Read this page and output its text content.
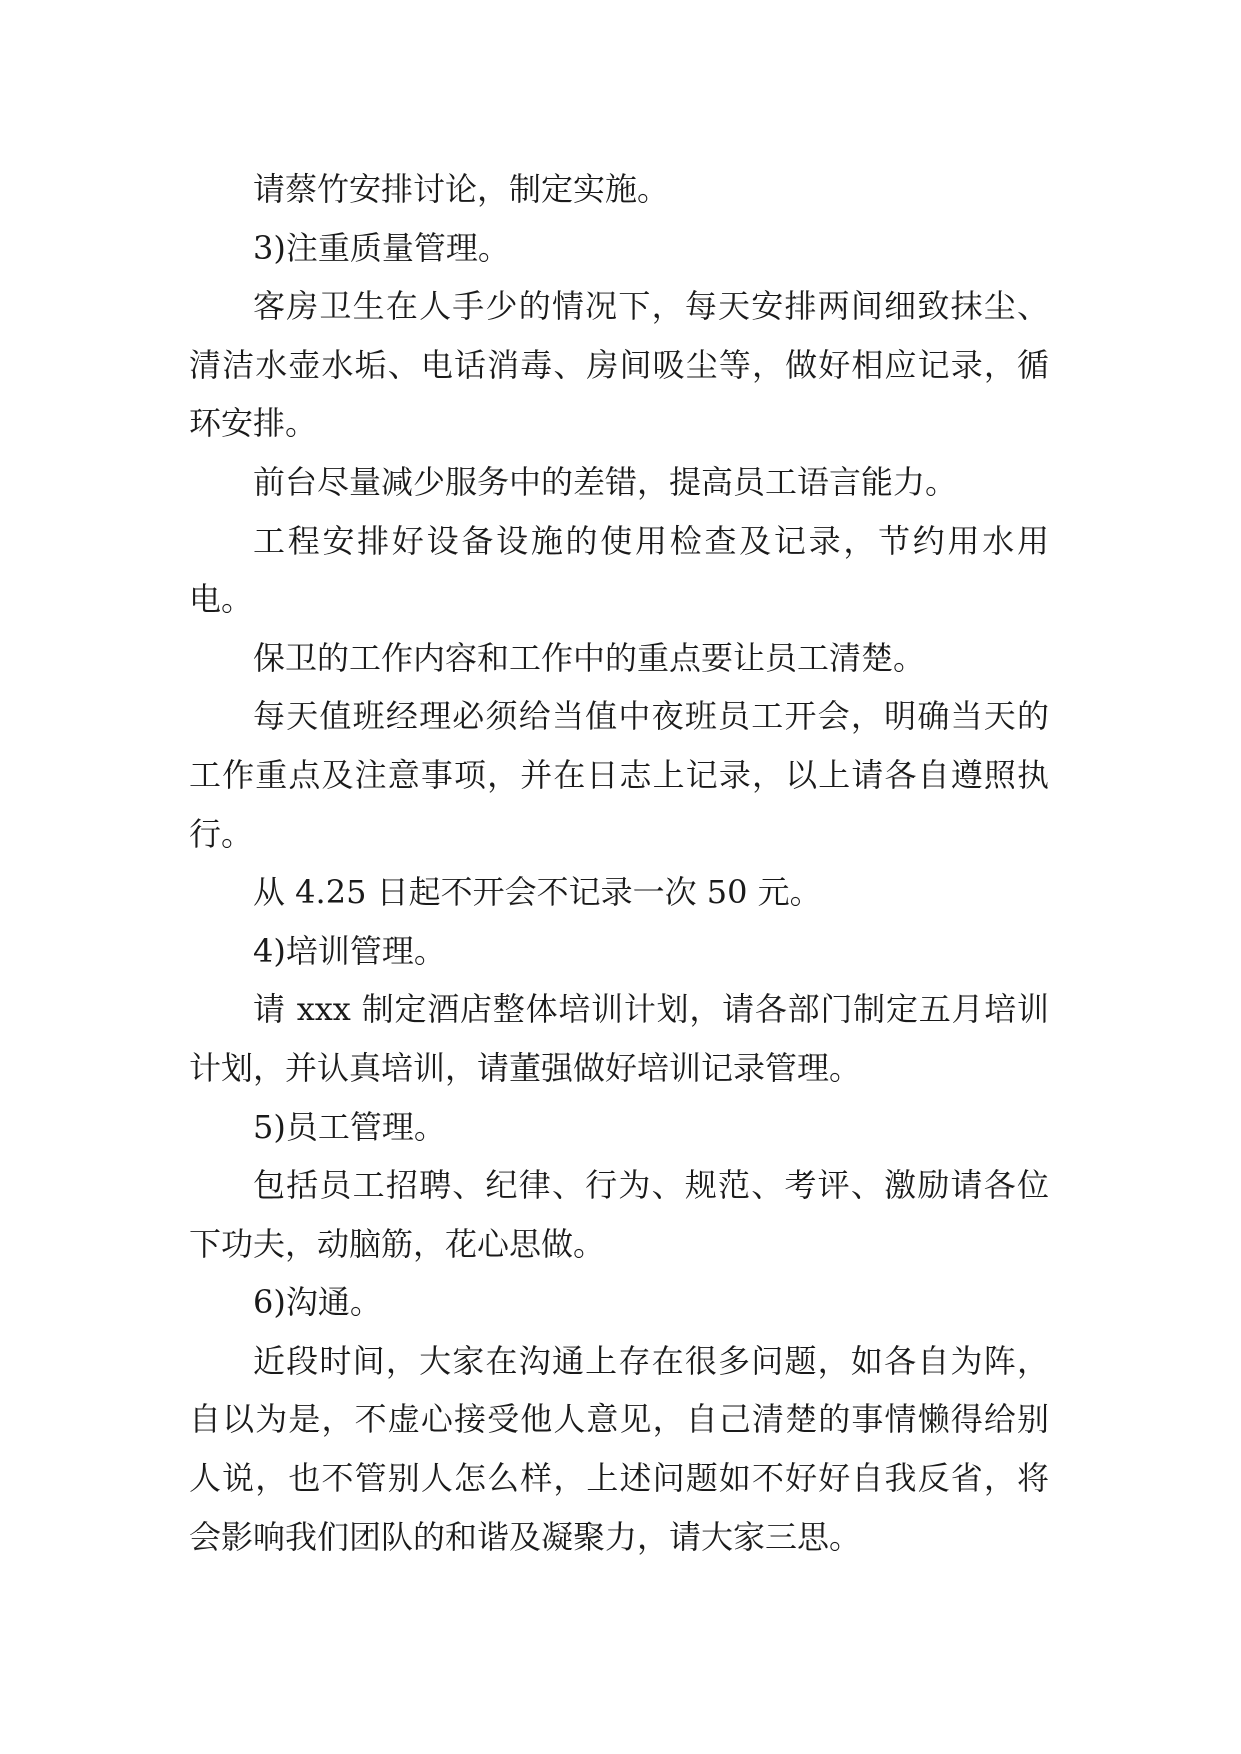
请蔡竹安排讨论，制定实施。

3)注重质量管理。

客房卫生在人手少的情况下，每天安排两间细致抹尘、清洁水壶水垢、电话消毒、房间吸尘等，做好相应记录，循环安排。

前台尽量减少服务中的差错，提高员工语言能力。

工程安排好设备设施的使用检查及记录，节约用水用电。

保卫的工作内容和工作中的重点要让员工清楚。

每天值班经理必须给当值中夜班员工开会，明确当天的工作重点及注意事项，并在日志上记录，以上请各自遵照执行。

从 4.25 日起不开会不记录一次 50 元。

4)培训管理。

请 xxx 制定酒店整体培训计划，请各部门制定五月培训计划，并认真培训，请董强做好培训记录管理。

5)员工管理。

包括员工招聘、纪律、行为、规范、考评、激励请各位下功夫，动脑筋，花心思做。

6)沟通。

近段时间，大家在沟通上存在很多问题，如各自为阵，自以为是，不虚心接受他人意见，自己清楚的事情懒得给别人说，也不管别人怎么样，上述问题如不好好自我反省，将会影响我们团队的和谐及凝聚力，请大家三思。
